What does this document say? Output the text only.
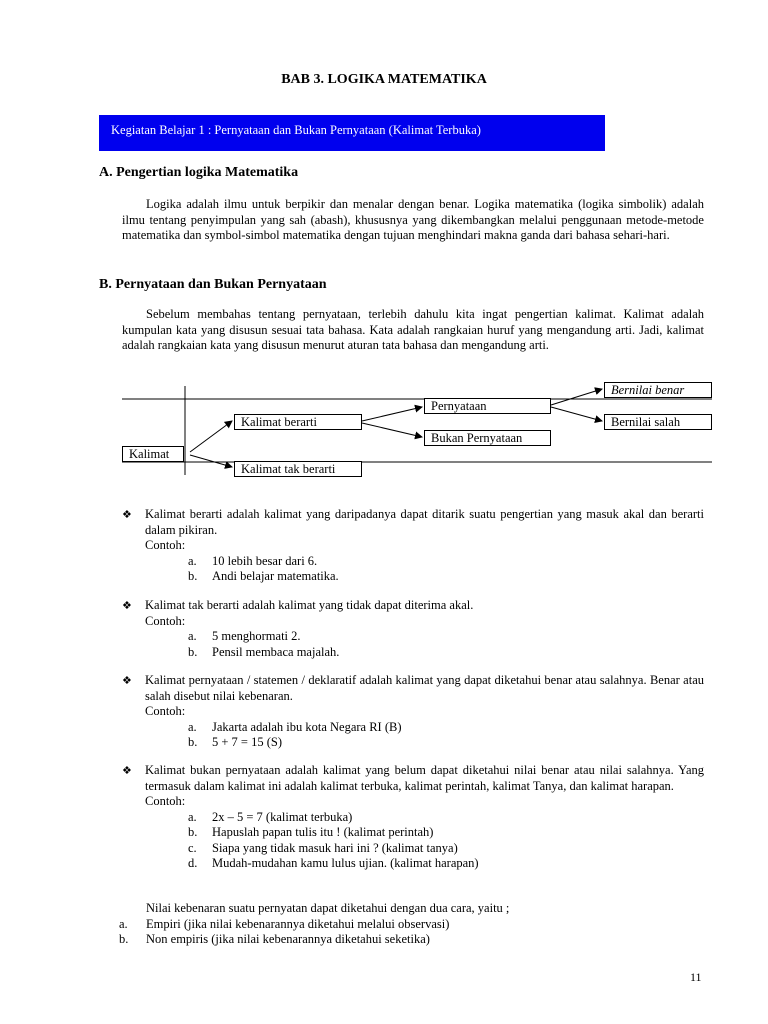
BAB 3. LOGIKA MATEMATIKA
Kegiatan Belajar 1 : Pernyataan dan Bukan Pernyataan (Kalimat Terbuka)
A. Pengertian logika Matematika

Logika adalah ilmu untuk berpikir dan menalar dengan benar. Logika matematika (logika simbolik) adalah ilmu tentang penyimpulan yang sah (abash), khususnya yang dikembangkan melalui penggunaan metode-metode matematika dan symbol-simbol matematika dengan tujuan menghindari makna ganda dari bahasa sehari-hari.

B. Pernyataan dan Bukan Pernyataan

Sebelum membahas tentang pernyataan, terlebih dahulu kita ingat pengertian kalimat. Kalimat adalah kumpulan kata yang disusun sesuai tata bahasa. Kata adalah rangkaian huruf yang mengandung arti. Jadi, kalimat adalah rangkaian kata yang disusun menurut aturan tata bahasa dan mengandung arti.

Kalimat
Kalimat berarti
Kalimat tak berarti
Pernyataan
Bukan Pernyataan
Bernilai benar
Bernilai salah
❖ Kalimat berarti adalah kalimat yang daripadanya dapat ditarik suatu pengertian yang masuk akal dan berarti dalam pikiran.
Contoh:
a. 10 lebih besar dari 6.
b. Andi belajar matematika.
❖ Kalimat tak berarti adalah kalimat yang tidak dapat diterima akal.
Contoh:
a. 5 menghormati 2.
b. Pensil membaca majalah.
❖ Kalimat pernyataan / statemen / deklaratif adalah kalimat yang dapat diketahui benar atau salahnya. Benar atau salah disebut nilai kebenaran.
Contoh:
a. Jakarta adalah ibu kota Negara RI (B)
b. 5 + 7 = 15 (S)
❖ Kalimat bukan pernyataan adalah kalimat yang belum dapat diketahui nilai benar atau nilai salahnya. Yang termasuk dalam kalimat ini adalah kalimat terbuka, kalimat perintah, kalimat Tanya, dan kalimat harapan.
Contoh:
a. 2x – 5 = 7 (kalimat terbuka)
b. Hapuslah papan tulis itu ! (kalimat perintah)
c. Siapa yang tidak masuk hari ini ? (kalimat tanya)
d. Mudah-mudahan kamu lulus ujian. (kalimat harapan)
Nilai kebenaran suatu pernyatan dapat diketahui dengan dua cara, yaitu ;
a. Empiri (jika nilai kebenarannya diketahui melalui observasi)
b. Non empiris (jika nilai kebenarannya diketahui seketika)
11
